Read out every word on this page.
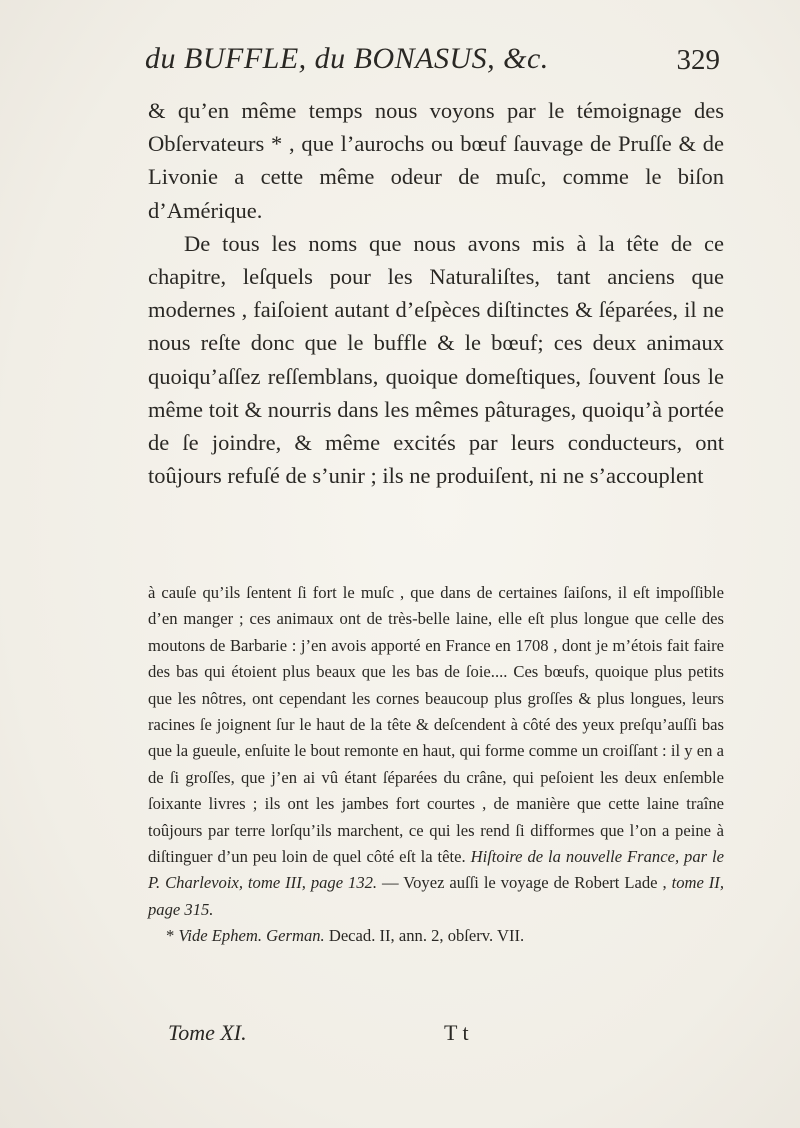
du BUFFLE, du BONASUS, &c.	329

& qu’en même temps nous voyons par le témoignage des Obſervateurs * , que l’aurochs ou bœuf ſauvage de Pruſſe & de Livonie a cette même odeur de muſc, comme le biſon d’Amérique.

De tous les noms que nous avons mis à la tête de ce chapitre, leſquels pour les Naturaliſtes, tant anciens que modernes , faiſoient autant d’eſpèces diſtinctes & ſéparées, il ne nous reſte donc que le buffle & le bœuf; ces deux animaux quoiqu’aſſez reſſemblans, quoique domeſtiques, ſouvent ſous le même toit & nourris dans les mêmes pâturages, quoiqu’à portée de ſe joindre, & même excités par leurs conducteurs, ont toûjours refuſé de s’unir ; ils ne produiſent, ni ne s’accouplent

à cauſe qu’ils ſentent ſi fort le muſc , que dans de certaines ſaiſons, il eſt impoſſible d’en manger ; ces animaux ont de très-belle laine, elle eſt plus longue que celle des moutons de Barbarie : j’en avois apporté en France en 1708 , dont je m’étois fait faire des bas qui étoient plus beaux que les bas de ſoie.... Ces bœufs, quoique plus petits que les nôtres, ont cependant les cornes beaucoup plus groſſes & plus longues, leurs racines ſe joignent ſur le haut de la tête & deſcendent à côté des yeux preſqu’auſſi bas que la gueule, enſuite le bout remonte en haut, qui forme comme un croiſſant : il y en a de ſi groſſes, que j’en ai vû étant ſéparées du crâne, qui peſoient les deux enſemble ſoixante livres ; ils ont les jambes fort courtes , de manière que cette laine traîne toûjours par terre lorſqu’ils marchent, ce qui les rend ſi difformes que l’on a peine à diſtinguer d’un peu loin de quel côté eſt la tête. Hiſtoire de la nouvelle France, par le P. Charlevoix, tome III, page 132. — Voyez auſſi le voyage de Robert Lade , tome II, page 315.

* Vide Ephem. German. Decad. II, ann. 2, obſerv. VII.

Tome XI.	T t
